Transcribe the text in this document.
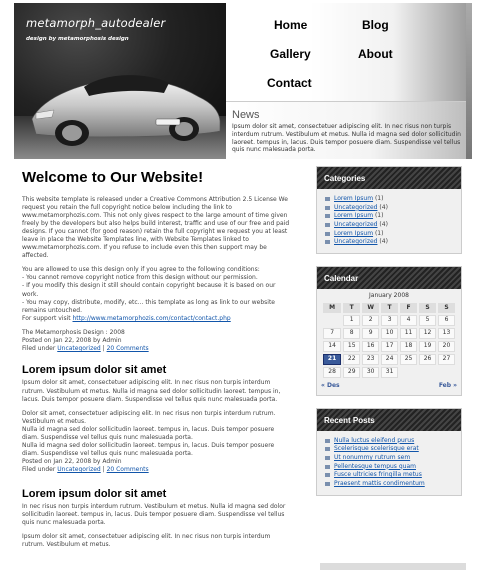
metamorph_autodealer
design by metamorphosis design
Home	Blog
Gallery	About
Contact
News
Ipsum dolor sit amet, consectetuer adipiscing elit. In nec risus non turpis interdum rutrum. Vestibulum et metus. Nulla id magna sed dolor sollicitudin laoreet. tempus in, lacus. Duis tempor posuere diam. Suspendisse vel tellus quis nunc malesuada porta.
Welcome to Our Website!

This website template is released under a Creative Commons Attribution 2.5 License We request you retain the full copyright notice below including the link to www.metamorphozis.com. This not only gives respect to the large amount of time given freely by the developers but also helps build interest, traffic and use of our free and paid designs. If you cannot (for good reason) retain the full copyright we request you at least leave in place the Website Templates line, with Website Templates linked to www.metamorphozis.com. If you refuse to include even this then support may be affected.

You are allowed to use this design only if you agree to the following conditions:
- You cannot remove copyright notice from this design without our permission.
- If you modify this design it still should contain copyright because it is based on our work.
- You may copy, distribute, modify, etc... this template as long as link to our website remains untouched.
For support visit http://www.metamorphozis.com/contact/contact.php

The Metamorphosis Design : 2008
Posted on Jan 22, 2008 by Admin
Filed under Uncategorized | 20 Comments
Lorem ipsum dolor sit amet

Ipsum dolor sit amet, consectetuer adipiscing elit. In nec risus non turpis interdum rutrum. Vestibulum et metus. Nulla id magna sed dolor sollicitudin laoreet. tempus in, lacus. Duis tempor posuere diam. Suspendisse vel tellus quis nunc malesuada porta.

Dolor sit amet, consectetuer adipiscing elit. In nec risus non turpis interdum rutrum. Vestibulum et metus.
Nulla id magna sed dolor sollicitudin laoreet. tempus in, lacus. Duis tempor posuere diam. Suspendisse vel tellus quis nunc malesuada porta.
Nulla id magna sed dolor sollicitudin laoreet. tempus in, lacus. Duis tempor posuere diam. Suspendisse vel tellus quis nunc malesuada porta.

Posted on Jan 22, 2008 by Admin
Filed under Uncategorized | 20 Comments
Lorem ipsum dolor sit amet

In nec risus non turpis interdum rutrum. Vestibulum et metus. Nulla id magna sed dolor sollicitudin laoreet. tempus in, lacus. Duis tempor posuere diam. Suspendisse vel tellus quis nunc malesuada porta.

Ipsum dolor sit amet, consectetuer adipiscing elit. In nec risus non turpis interdum rutrum. Vestibulum et metus.

Categories
Lorem Ipsum (1)
Uncategorized (4)
Lorem Ipsum (1)
Uncategorized (4)
Lorem Ipsum (1)
Uncategorized (4)
Calendar
January 2008
M	T	W	T	F	S	S
	1	2	3	4	5	6
7	8	9	10	11	12	13
14	15	16	17	18	19	20
21	22	23	24	25	26	27
28	29	30	31			
« Des	Feb »
Recent Posts
Nulla luctus eleifend purus
Scelerisque scelerisque erat
Ut nonummy rutrum sem
Pellentesque tempus quam
Fusce ultricies fringilla metus
Praesent mattis condimentum
